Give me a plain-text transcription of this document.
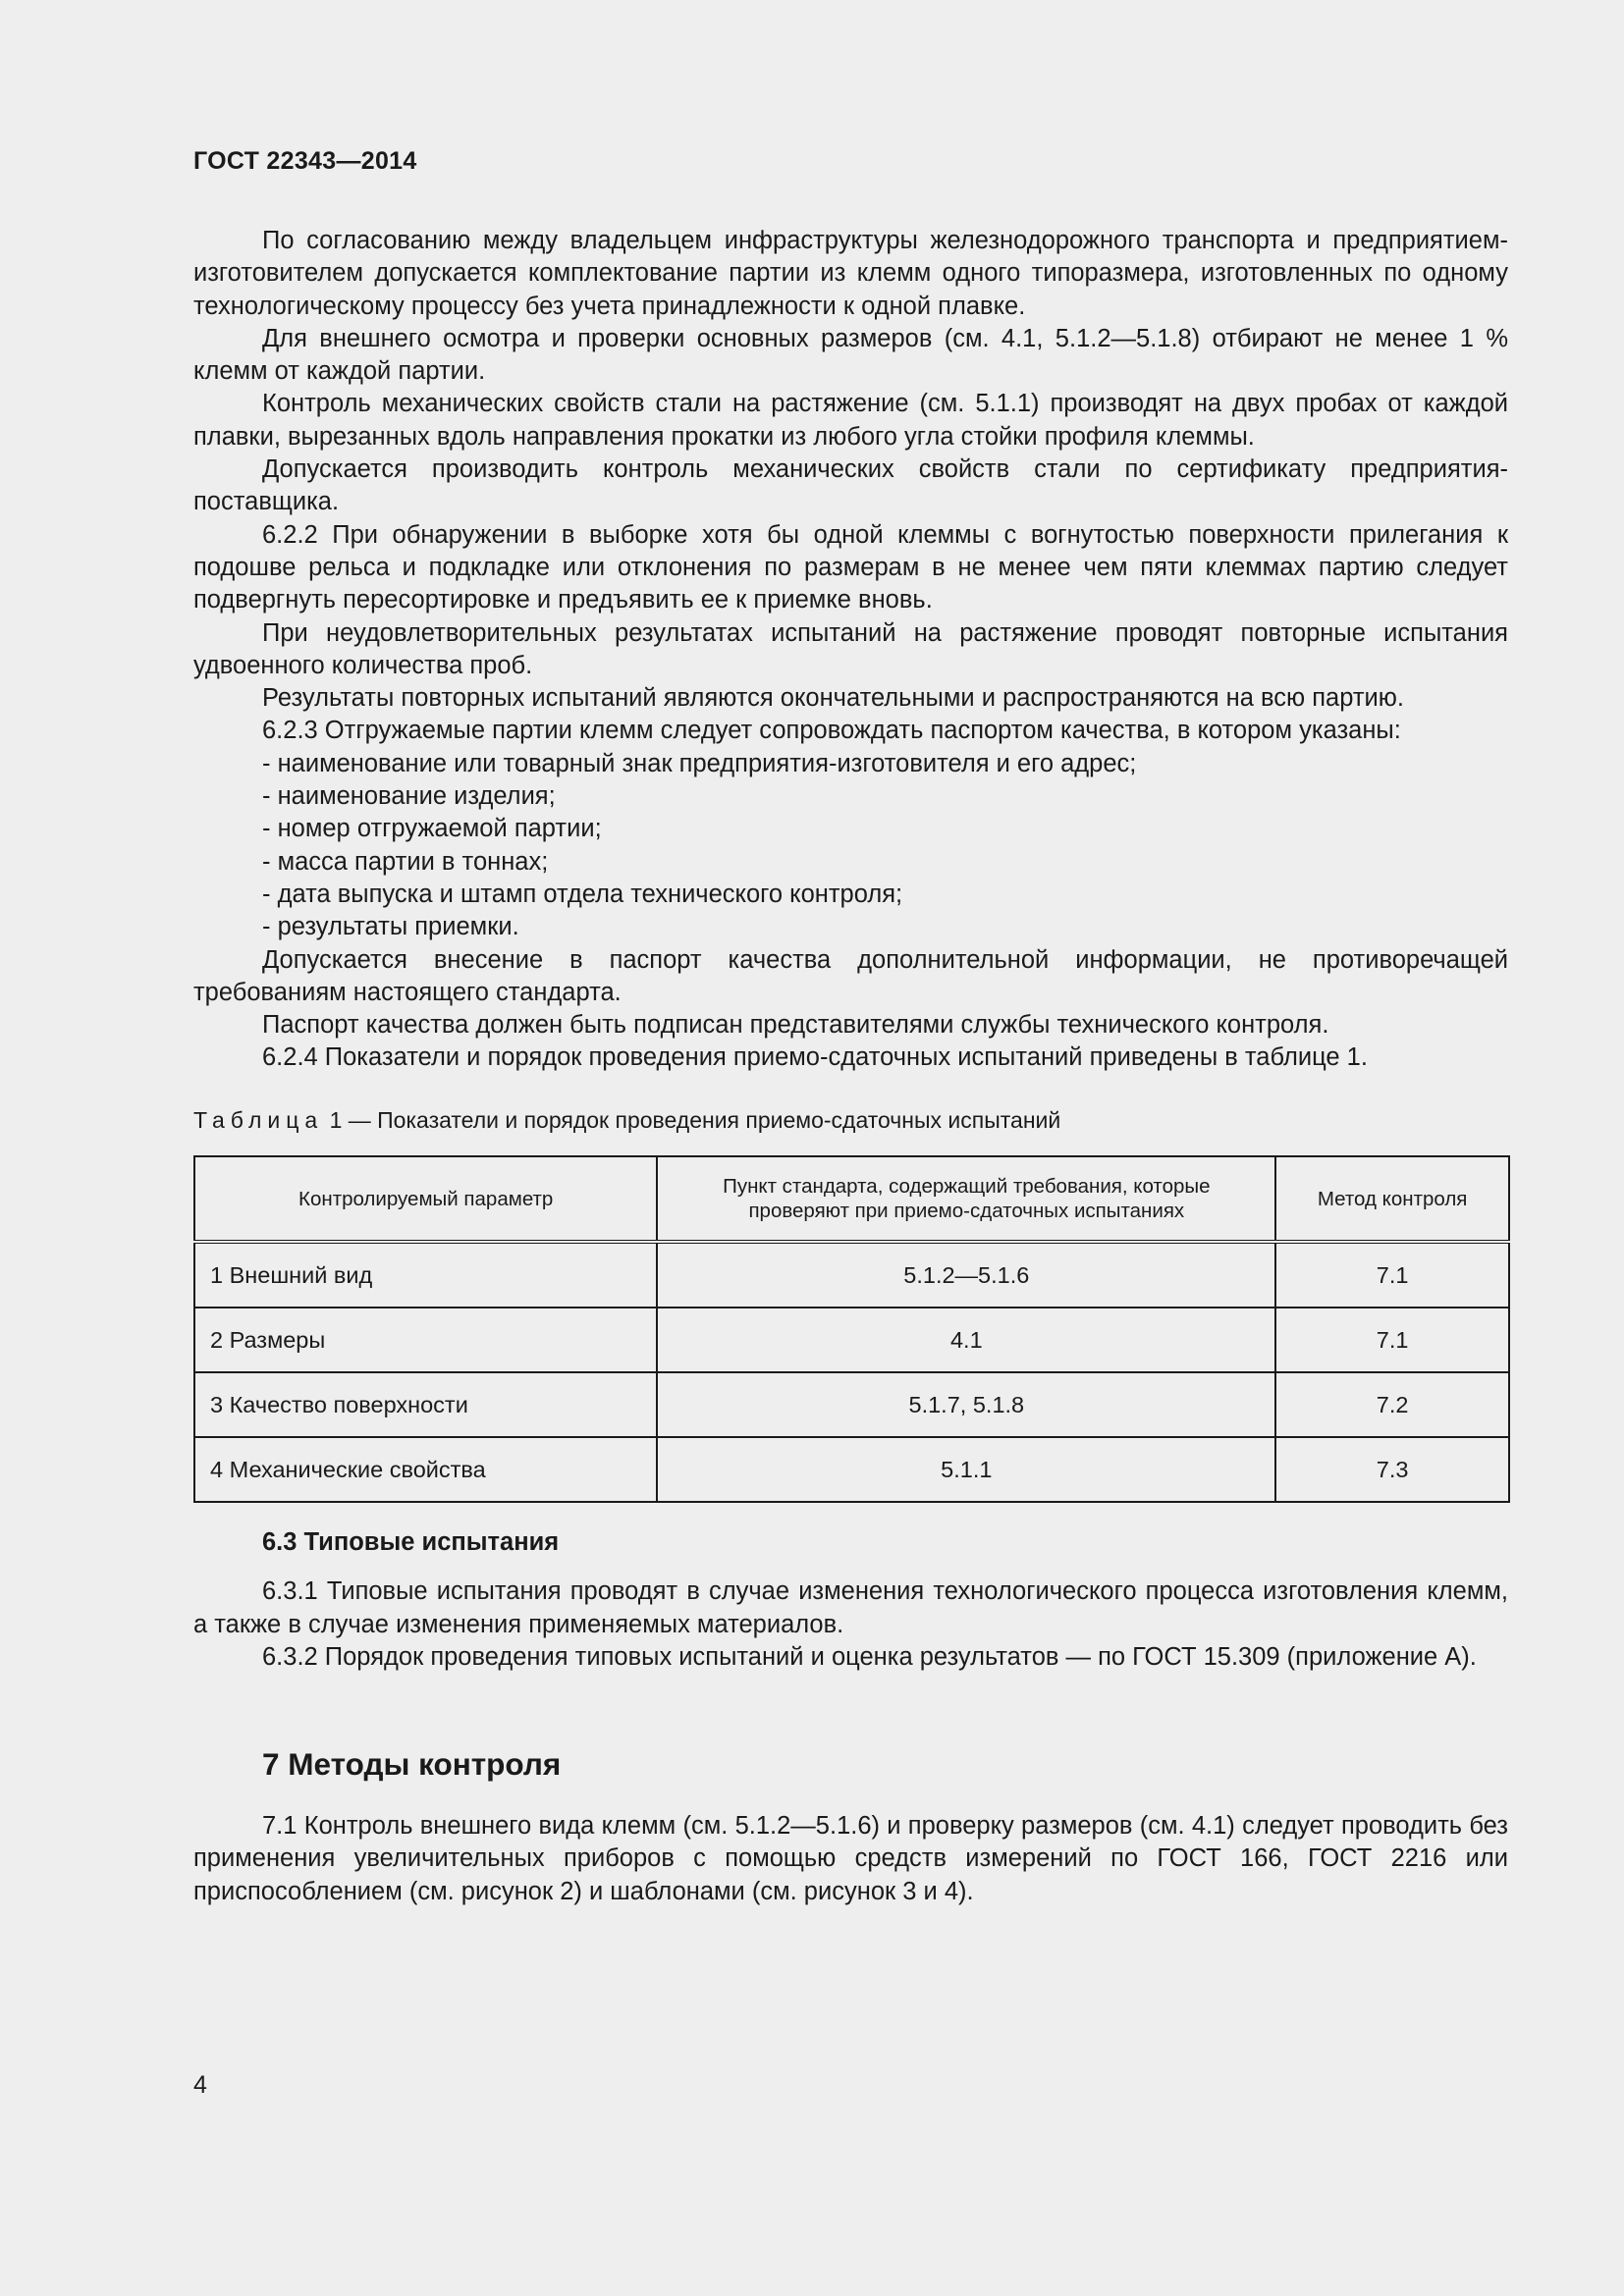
ГОСТ 22343—2014

По согласованию между владельцем инфраструктуры железнодорожного транспорта и предприятием-изготовителем допускается комплектование партии из клемм одного типоразмера, изготовленных по одному технологическому процессу без учета принадлежности к одной плавке.

Для внешнего осмотра и проверки основных размеров (см. 4.1, 5.1.2—5.1.8) отбирают не менее 1 % клемм от каждой партии.

Контроль механических свойств стали на растяжение (см. 5.1.1) производят на двух пробах от каждой плавки, вырезанных вдоль направления прокатки из любого угла стойки профиля клеммы.

Допускается производить контроль механических свойств стали по сертификату предприятия-поставщика.

6.2.2 При обнаружении в выборке хотя бы одной клеммы с вогнутостью поверхности прилегания к подошве рельса и подкладке или отклонения по размерам в не менее чем пяти клеммах партию следует подвергнуть пересортировке и предъявить ее к приемке вновь.

При неудовлетворительных результатах испытаний на растяжение проводят повторные испытания удвоенного количества проб.

Результаты повторных испытаний являются окончательными и распространяются на всю партию.

6.2.3 Отгружаемые партии клемм следует сопровождать паспортом качества, в котором указаны:

- наименование или товарный знак предприятия-изготовителя и его адрес;

- наименование изделия;

- номер отгружаемой партии;

- масса партии в тоннах;

- дата выпуска и штамп отдела технического контроля;

- результаты приемки.

Допускается внесение в паспорт качества дополнительной информации, не противоречащей требованиям настоящего стандарта.

Паспорт качества должен быть подписан представителями службы технического контроля.

6.2.4 Показатели и порядок проведения приемо-сдаточных испытаний приведены в таблице 1.

Таблица 1 — Показатели и порядок проведения приемо-сдаточных испытаний
Контролируемый параметр	Пункт стандарта, содержащий требования, которые проверяют при приемо-сдаточных испытаниях	Метод контроля
1 Внешний вид	5.1.2—5.1.6	7.1
2 Размеры	4.1	7.1
3 Качество поверхности	5.1.7, 5.1.8	7.2
4 Механические свойства	5.1.1	7.3

6.3 Типовые испытания

6.3.1 Типовые испытания проводят в случае изменения технологического процесса изготовления клемм, а также в случае изменения применяемых материалов.

6.3.2 Порядок проведения типовых испытаний и оценка результатов — по ГОСТ 15.309 (приложение А).

7 Методы контроля

7.1 Контроль внешнего вида клемм (см. 5.1.2—5.1.6) и проверку размеров (см. 4.1) следует проводить без применения увеличительных приборов с помощью средств измерений по ГОСТ 166, ГОСТ 2216 или приспособлением (см. рисунок 2) и шаблонами (см. рисунок 3 и 4).

4
